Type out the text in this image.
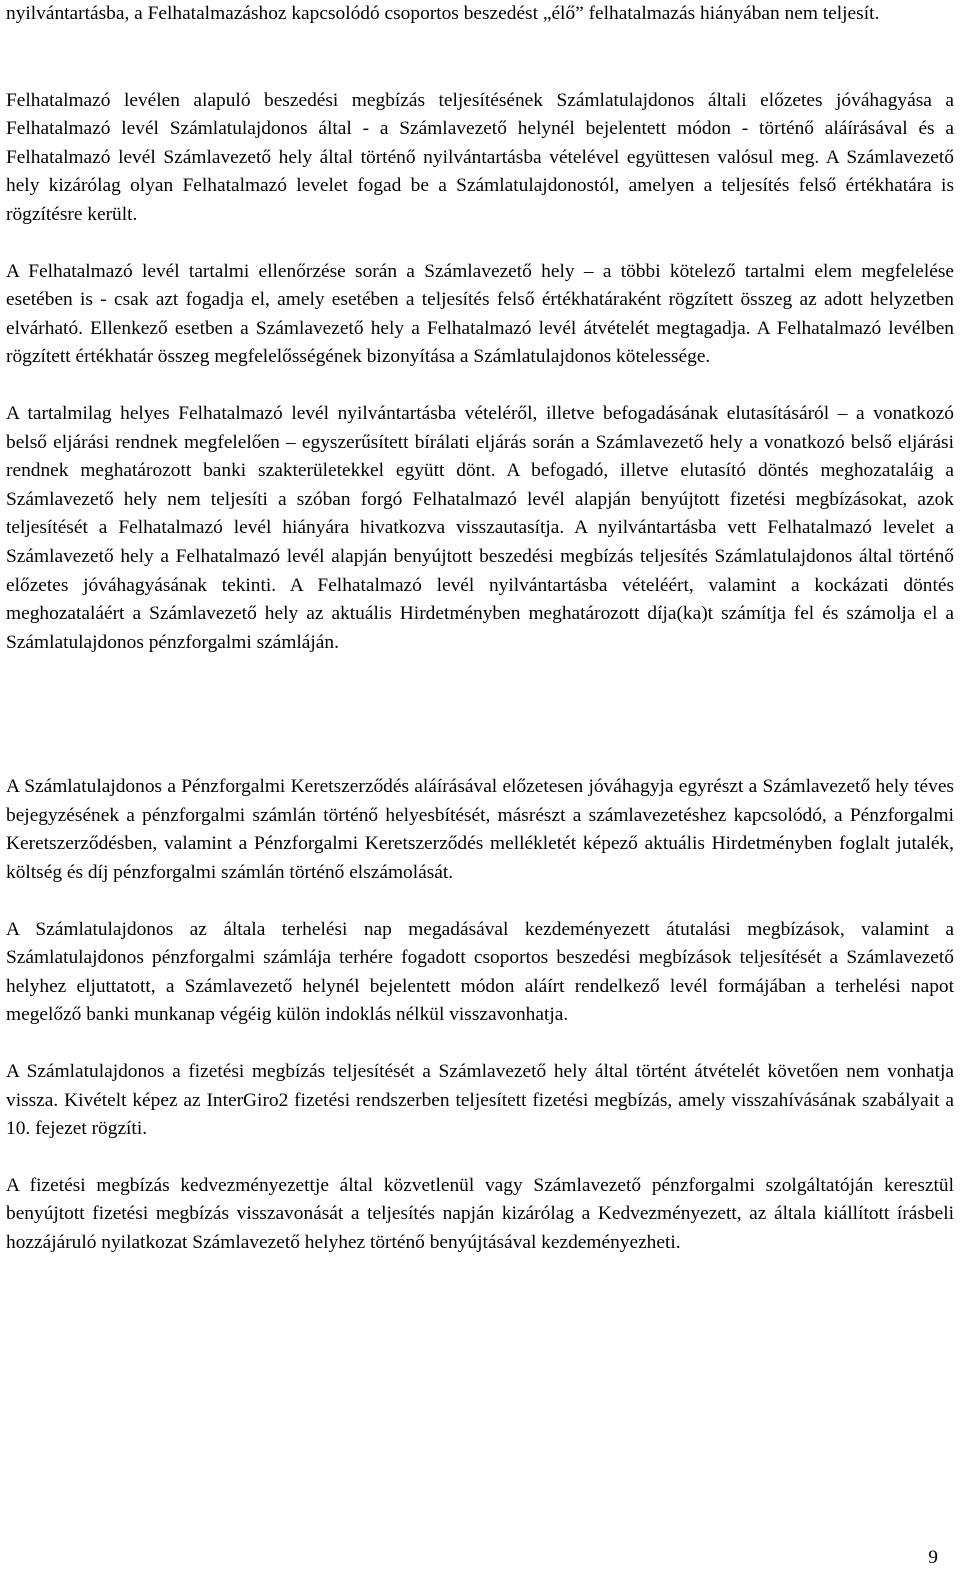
nyilvántartásba, a Felhatalmazáshoz kapcsolódó csoportos beszedést „élő” felhatalmazás hiányában nem teljesít.

Felhatalmazó levélen alapuló beszedési megbízás teljesítésének Számlatulajdonos általi előzetes jóváhagyása a Felhatalmazó levél Számlatulajdonos által - a Számlavezető helynél bejelentett módon - történő aláírásával és a Felhatalmazó levél Számlavezető hely által történő nyilvántartásba vételével együttesen valósul meg. A Számlavezető hely kizárólag olyan Felhatalmazó levelet fogad be a Számlatulajdonostól, amelyen a teljesítés felső értékhatára is rögzítésre került.

A Felhatalmazó levél tartalmi ellenőrzése során a Számlavezető hely – a többi kötelező tartalmi elem megfelelése esetében is - csak azt fogadja el, amely esetében a teljesítés felső értékhatáraként rögzített összeg az adott helyzetben elvárható. Ellenkező esetben a Számlavezető hely a Felhatalmazó levél átvételét megtagadja. A Felhatalmazó levélben rögzített értékhatár összeg megfelelősségének bizonyítása a Számlatulajdonos kötelessége.

A tartalmilag helyes Felhatalmazó levél nyilvántartásba vételéről, illetve befogadásának elutasításáról – a vonatkozó belső eljárási rendnek megfelelően – egyszerűsített bírálati eljárás során a Számlavezető hely a vonatkozó belső eljárási rendnek meghatározott banki szakterületekkel együtt dönt. A befogadó, illetve elutasító döntés meghozataláig a Számlavezető hely nem teljesíti a szóban forgó Felhatalmazó levél alapján benyújtott fizetési megbízásokat, azok teljesítését a Felhatalmazó levél hiányára hivatkozva visszautasítja. A nyilvántartásba vett Felhatalmazó levelet a Számlavezető hely a Felhatalmazó levél alapján benyújtott beszedési megbízás teljesítés Számlatulajdonos által történő előzetes jóváhagyásának tekinti. A Felhatalmazó levél nyilvántartásba vételéért, valamint a kockázati döntés meghozataláért a Számlavezető hely az aktuális Hirdetményben meghatározott díja(ka)t számítja fel és számolja el a Számlatulajdonos pénzforgalmi számláján.

A Számlatulajdonos a Pénzforgalmi Keretszerződés aláírásával előzetesen jóváhagyja egyrészt a Számlavezető hely téves bejegyzésének a pénzforgalmi számlán történő helyesbítését, másrészt a számlavezetéshez kapcsolódó, a Pénzforgalmi Keretszerződésben, valamint a Pénzforgalmi Keretszerződés mellékletét képező aktuális Hirdetményben foglalt jutalék, költség és díj pénzforgalmi számlán történő elszámolását.

A Számlatulajdonos az általa terhelési nap megadásával kezdeményezett átutalási megbízások, valamint a Számlatulajdonos pénzforgalmi számlája terhére fogadott csoportos beszedési megbízások teljesítését a Számlavezető helyhez eljuttatott, a Számlavezető helynél bejelentett módon aláírt rendelkező levél formájában a terhelési napot megelőző banki munkanap végéig külön indoklás nélkül visszavonhatja.

A Számlatulajdonos a fizetési megbízás teljesítését a Számlavezető hely által történt átvételét követően nem vonhatja vissza. Kivételt képez az InterGiro2 fizetési rendszerben teljesített fizetési megbízás, amely visszahívásának szabályait a 10. fejezet rögzíti.

A fizetési megbízás kedvezményezettje által közvetlenül vagy Számlavezető pénzforgalmi szolgáltatóján keresztül benyújtott fizetési megbízás visszavonását a teljesítés napján kizárólag a Kedvezményezett, az általa kiállított írásbeli hozzájáruló nyilatkozat Számlavezető helyhez történő benyújtásával kezdeményezheti.

9
